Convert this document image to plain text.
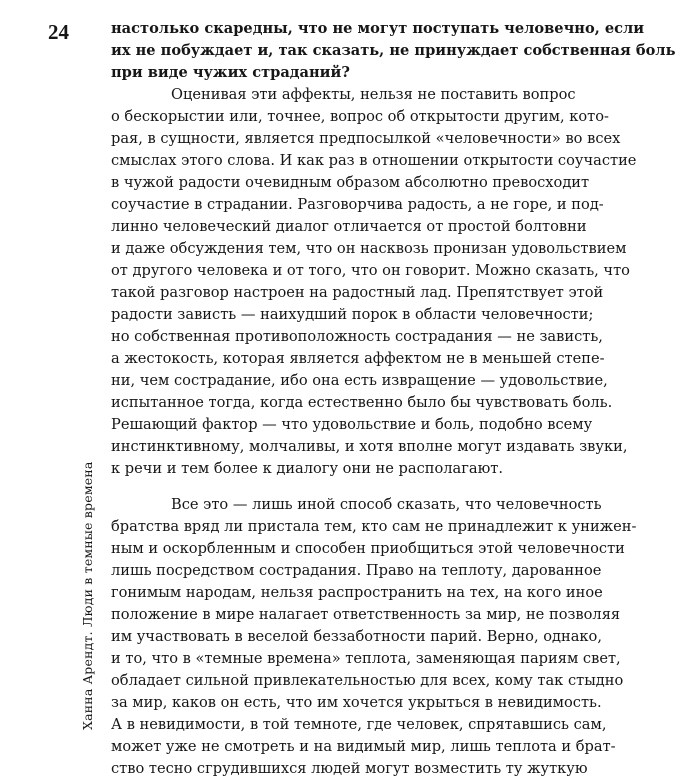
24
Ханна Арендт. Люди в темные времена
настолько скаредны, что не могут поступать человечно, если
их не побуждает и, так сказать, не принуждает собственная боль
при виде чужих страданий?
Оценивая эти аффекты, нельзя не поставить вопрос
о бескорыстии или, точнее, вопрос об открытости другим, кото-
рая, в сущности, является предпосылкой «человечности» во всех
смыслах этого слова. И как раз в отношении открытости соучастие
в чужой радости очевидным образом абсолютно превосходит
соучастие в страдании. Разговорчива радость, а не горе, и под-
линно человеческий диалог отличается от простой болтовни
и даже обсуждения тем, что он насквозь пронизан удовольствием
от другого человека и от того, что он говорит. Можно сказать, что
такой разговор настроен на радостный лад. Препятствует этой
радости зависть — наихудший порок в области человечности;
но собственная противоположность сострадания — не зависть,
а жестокость, которая является аффектом не в меньшей степе-
ни, чем сострадание, ибо она есть извращение — удовольствие,
испытанное тогда, когда естественно было бы чувствовать боль.
Решающий фактор — что удовольствие и боль, подобно всему
инстинктивному, молчаливы, и хотя вполне могут издавать звуки,
к речи и тем более к диалогу они не располагают.
Все это — лишь иной способ сказать, что человечность
братства вряд ли пристала тем, кто сам не принадлежит к унижен-
ным и оскорбленным и способен приобщиться этой человечности
лишь посредством сострадания. Право на теплоту, дарованное
гонимым народам, нельзя распространить на тех, на кого иное
положение в мире налагает ответственность за мир, не позволяя
им участвовать в веселой беззаботности парий. Верно, однако,
и то, что в «темные времена» теплота, заменяющая париям свет,
обладает сильной привлекательностью для всех, кому так стыдно
за мир, каков он есть, что им хочется укрыться в невидимость.
А в невидимости, в той темноте, где человек, спрятавшись сам,
может уже не смотреть и на видимый мир, лишь теплота и брат-
ство тесно сгрудившихся людей могут возместить ту жуткую
